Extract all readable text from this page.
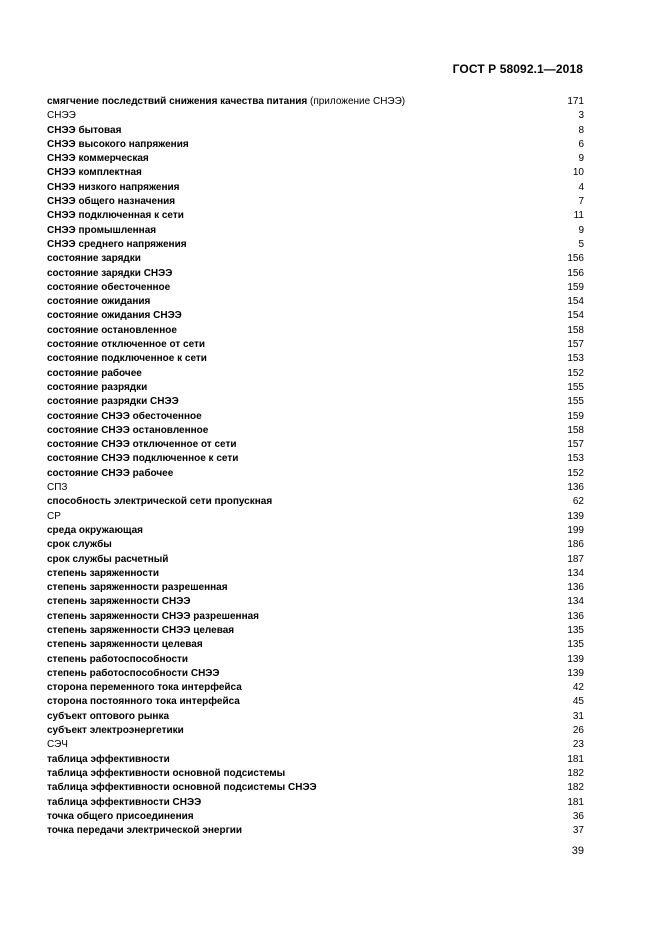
ГОСТ Р 58092.1—2018
смягчение последствий снижения качества питания (приложение СНЭЭ)	171
СНЭЭ	3
СНЭЭ бытовая	8
СНЭЭ высокого напряжения	6
СНЭЭ коммерческая	9
СНЭЭ комплектная	10
СНЭЭ низкого напряжения	4
СНЭЭ общего назначения	7
СНЭЭ подключенная к сети	11
СНЭЭ промышленная	9
СНЭЭ среднего напряжения	5
состояние зарядки	156
состояние зарядки СНЭЭ	156
состояние обесточенное	159
состояние ожидания	154
состояние ожидания СНЭЭ	154
состояние остановленное	158
состояние отключенное от сети	157
состояние подключенное к сети	153
состояние рабочее	152
состояние разрядки	155
состояние разрядки СНЭЭ	155
состояние СНЭЭ обесточенное	159
состояние СНЭЭ остановленное	158
состояние СНЭЭ отключенное от сети	157
состояние СНЭЭ подключенное к сети	153
состояние СНЭЭ рабочее	152
СПЗ	136
способность электрической сети пропускная	62
СР	139
среда окружающая	199
срок службы	186
срок службы расчетный	187
степень заряженности	134
степень заряженности разрешенная	136
степень заряженности СНЭЭ	134
степень заряженности СНЭЭ разрешенная	136
степень заряженности СНЭЭ целевая	135
степень заряженности целевая	135
степень работоспособности	139
степень работоспособности СНЭЭ	139
сторона переменного тока интерфейса	42
сторона постоянного тока интерфейса	45
субъект оптового рынка	31
субъект электроэнергетики	26
СЭЧ	23
таблица эффективности	181
таблица эффективности основной подсистемы	182
таблица эффективности основной подсистемы СНЭЭ	182
таблица эффективности СНЭЭ	181
точка общего присоединения	36
точка передачи электрической энергии	37
39
